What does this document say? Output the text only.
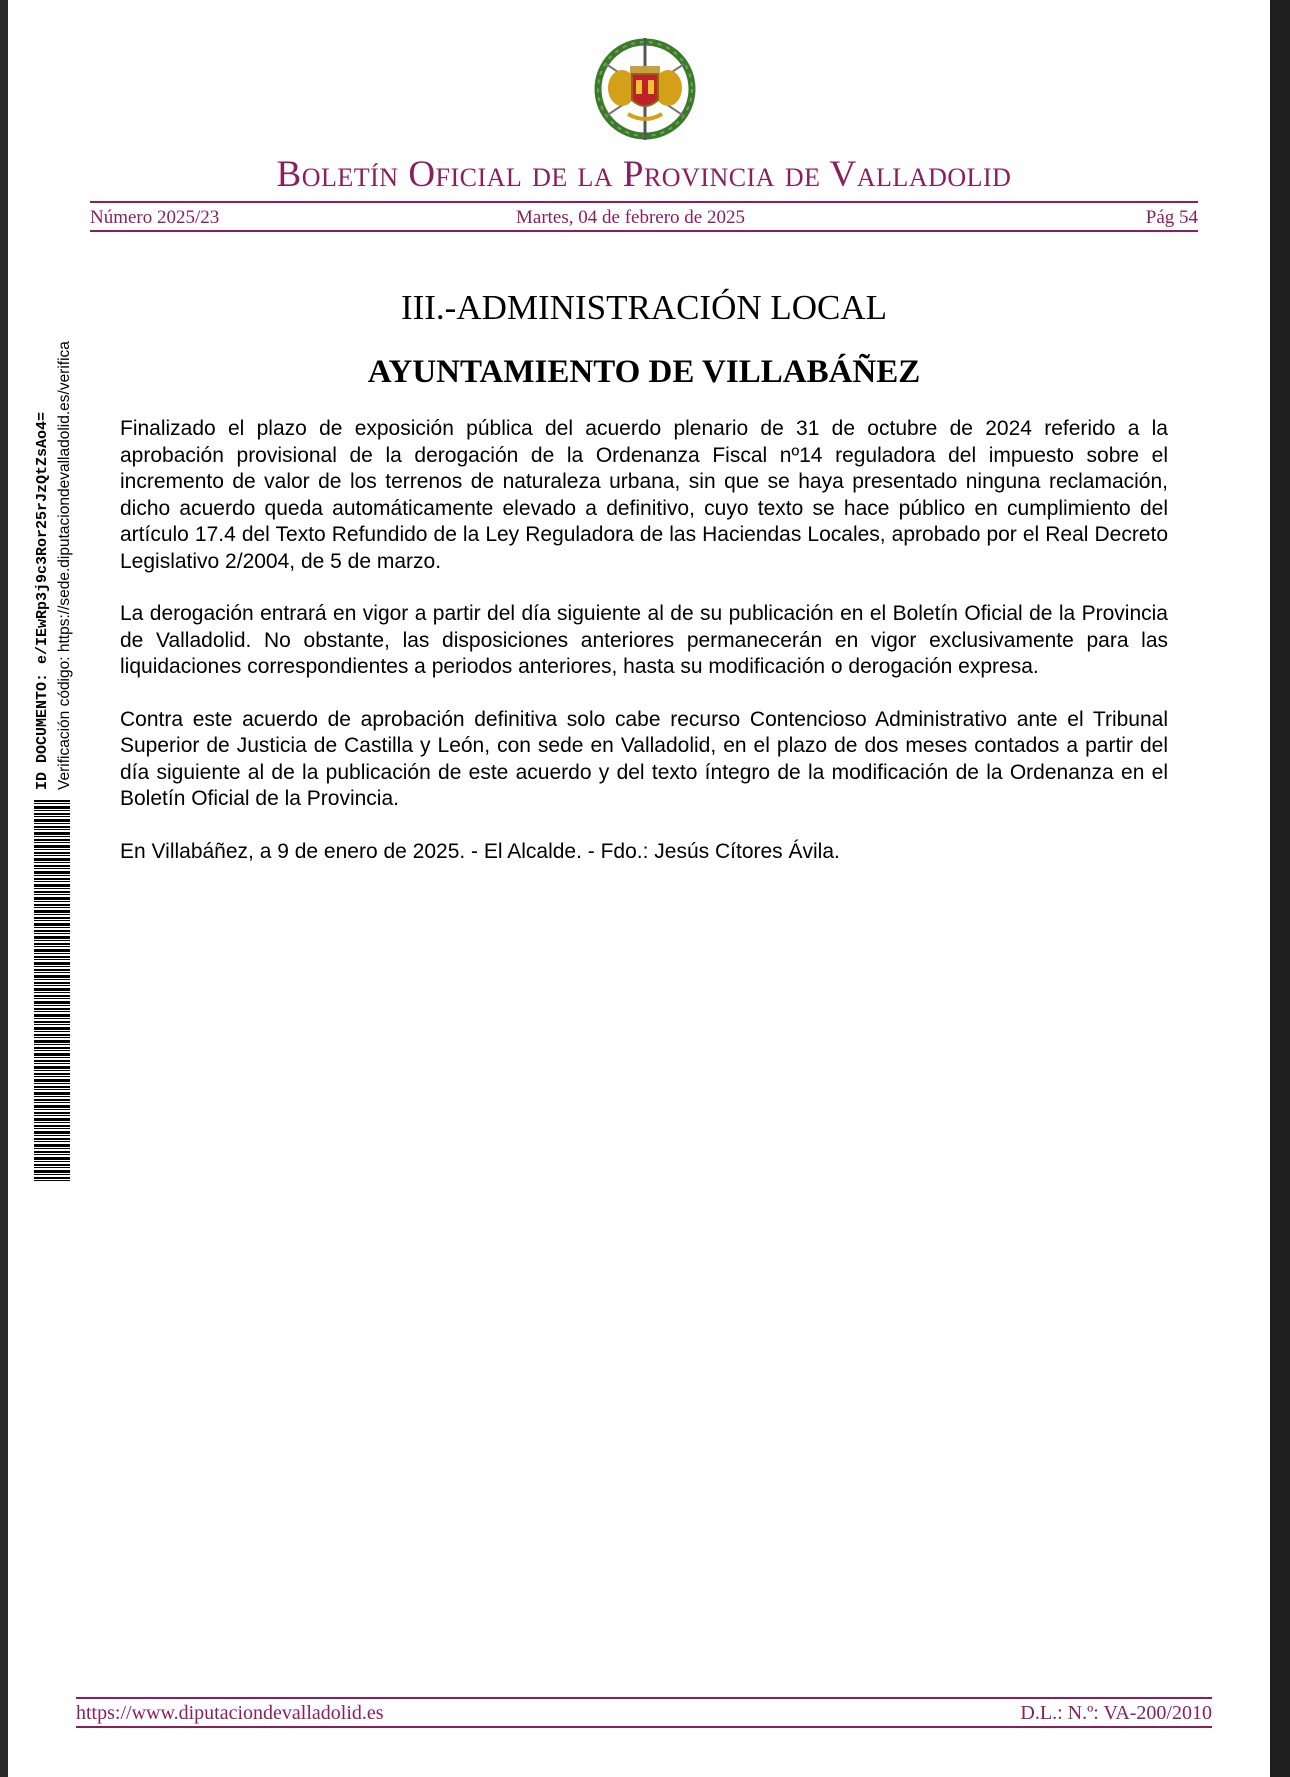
Boletín Oficial de la Provincia de Valladolid
Número 2025/23	Martes, 04 de febrero de 2025	Pág 54
ID DOCUMENTO: e/IEwRp3j9c3Ror25rJzQtZsAo4= Verificación código: https://sede.diputaciondevalladolid.es/verifica
III.-ADMINISTRACIÓN LOCAL
AYUNTAMIENTO DE VILLABÁÑEZ

Finalizado el plazo de exposición pública del acuerdo plenario de 31 de octubre de 2024 referido a la aprobación provisional de la derogación de la Ordenanza Fiscal nº14 reguladora del impuesto sobre el incremento de valor de los terrenos de naturaleza urbana, sin que se haya presentado ninguna reclamación, dicho acuerdo queda automáticamente elevado a definitivo, cuyo texto se hace público en cumplimiento del artículo 17.4 del Texto Refundido de la Ley Reguladora de las Haciendas Locales, aprobado por el Real Decreto Legislativo 2/2004, de 5 de marzo.

La derogación entrará en vigor a partir del día siguiente al de su publicación en el Boletín Oficial de la Provincia de Valladolid. No obstante, las disposiciones anteriores permanecerán en vigor exclusivamente para las liquidaciones correspondientes a periodos anteriores, hasta su modificación o derogación expresa.

Contra este acuerdo de aprobación definitiva solo cabe recurso Contencioso Administrativo ante el Tribunal Superior de Justicia de Castilla y León, con sede en Valladolid, en el plazo de dos meses contados a partir del día siguiente al de la publicación de este acuerdo y del texto íntegro de la modificación de la Ordenanza en el Boletín Oficial de la Provincia.

En Villabáñez, a 9 de enero de 2025. - El Alcalde. - Fdo.: Jesús Cítores Ávila.

https://www.diputaciondevalladolid.es	D.L.: N.º: VA-200/2010
